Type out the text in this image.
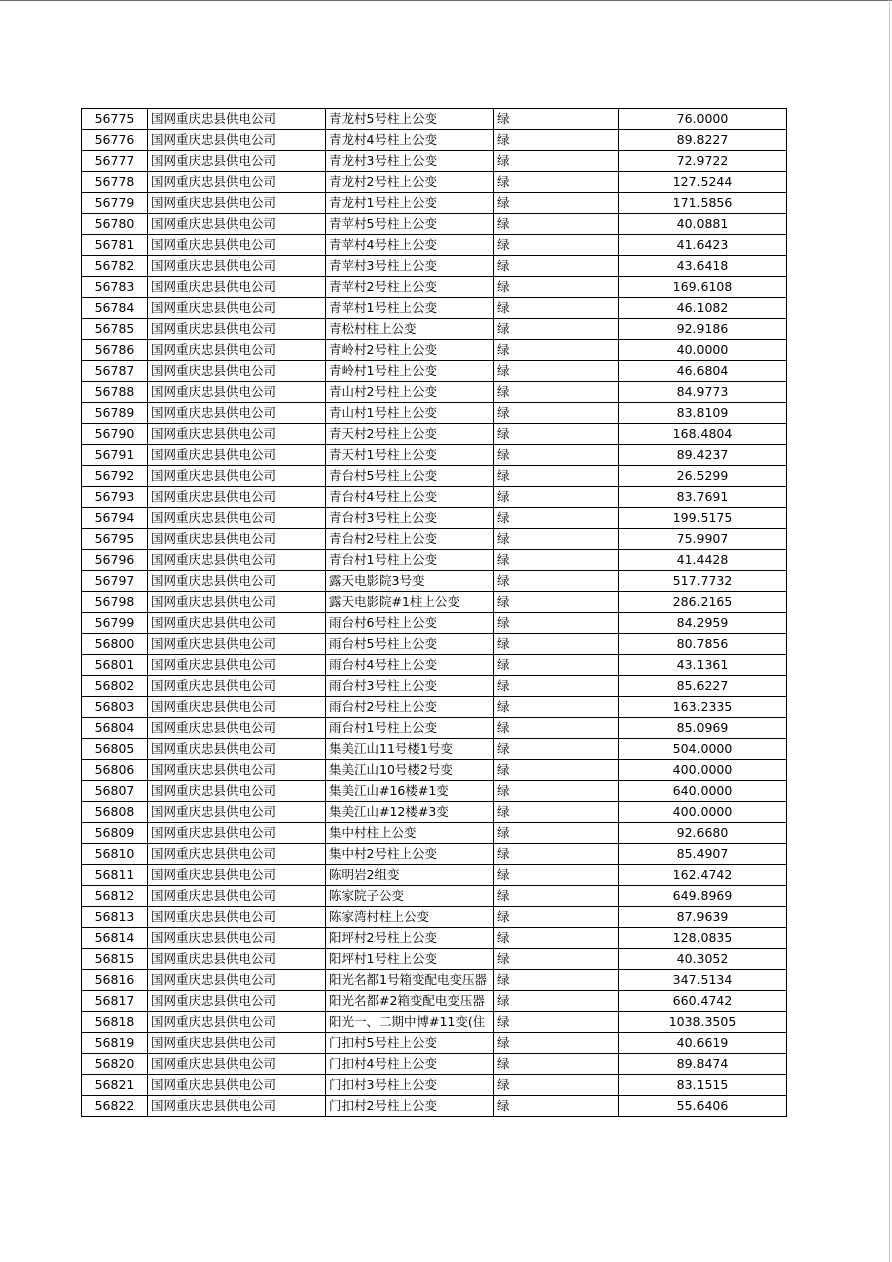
56775	国网重庆忠县供电公司	青龙村5号柱上公变	绿	76.0000
56776	国网重庆忠县供电公司	青龙村4号柱上公变	绿	89.8227
56777	国网重庆忠县供电公司	青龙村3号柱上公变	绿	72.9722
56778	国网重庆忠县供电公司	青龙村2号柱上公变	绿	127.5244
56779	国网重庆忠县供电公司	青龙村1号柱上公变	绿	171.5856
56780	国网重庆忠县供电公司	青苹村5号柱上公变	绿	40.0881
56781	国网重庆忠县供电公司	青苹村4号柱上公变	绿	41.6423
56782	国网重庆忠县供电公司	青苹村3号柱上公变	绿	43.6418
56783	国网重庆忠县供电公司	青苹村2号柱上公变	绿	169.6108
56784	国网重庆忠县供电公司	青苹村1号柱上公变	绿	46.1082
56785	国网重庆忠县供电公司	青松村柱上公变	绿	92.9186
56786	国网重庆忠县供电公司	青岭村2号柱上公变	绿	40.0000
56787	国网重庆忠县供电公司	青岭村1号柱上公变	绿	46.6804
56788	国网重庆忠县供电公司	青山村2号柱上公变	绿	84.9773
56789	国网重庆忠县供电公司	青山村1号柱上公变	绿	83.8109
56790	国网重庆忠县供电公司	青天村2号柱上公变	绿	168.4804
56791	国网重庆忠县供电公司	青天村1号柱上公变	绿	89.4237
56792	国网重庆忠县供电公司	青台村5号柱上公变	绿	26.5299
56793	国网重庆忠县供电公司	青台村4号柱上公变	绿	83.7691
56794	国网重庆忠县供电公司	青台村3号柱上公变	绿	199.5175
56795	国网重庆忠县供电公司	青台村2号柱上公变	绿	75.9907
56796	国网重庆忠县供电公司	青台村1号柱上公变	绿	41.4428
56797	国网重庆忠县供电公司	露天电影院3号变	绿	517.7732
56798	国网重庆忠县供电公司	露天电影院#1柱上公变	绿	286.2165
56799	国网重庆忠县供电公司	雨台村6号柱上公变	绿	84.2959
56800	国网重庆忠县供电公司	雨台村5号柱上公变	绿	80.7856
56801	国网重庆忠县供电公司	雨台村4号柱上公变	绿	43.1361
56802	国网重庆忠县供电公司	雨台村3号柱上公变	绿	85.6227
56803	国网重庆忠县供电公司	雨台村2号柱上公变	绿	163.2335
56804	国网重庆忠县供电公司	雨台村1号柱上公变	绿	85.0969
56805	国网重庆忠县供电公司	集美江山11号楼1号变	绿	504.0000
56806	国网重庆忠县供电公司	集美江山10号楼2号变	绿	400.0000
56807	国网重庆忠县供电公司	集美江山#16楼#1变	绿	640.0000
56808	国网重庆忠县供电公司	集美江山#12楼#3变	绿	400.0000
56809	国网重庆忠县供电公司	集中村柱上公变	绿	92.6680
56810	国网重庆忠县供电公司	集中村2号柱上公变	绿	85.4907
56811	国网重庆忠县供电公司	陈明岩2组变	绿	162.4742
56812	国网重庆忠县供电公司	陈家院子公变	绿	649.8969
56813	国网重庆忠县供电公司	陈家湾村柱上公变	绿	87.9639
56814	国网重庆忠县供电公司	阳坪村2号柱上公变	绿	128.0835
56815	国网重庆忠县供电公司	阳坪村1号柱上公变	绿	40.3052
56816	国网重庆忠县供电公司	阳光名都1号箱变配电变压器	绿	347.5134
56817	国网重庆忠县供电公司	阳光名都#2箱变配电变压器	绿	660.4742
56818	国网重庆忠县供电公司	阳光一、二期中博#11变(住	绿	1038.3505
56819	国网重庆忠县供电公司	门扣村5号柱上公变	绿	40.6619
56820	国网重庆忠县供电公司	门扣村4号柱上公变	绿	89.8474
56821	国网重庆忠县供电公司	门扣村3号柱上公变	绿	83.1515
56822	国网重庆忠县供电公司	门扣村2号柱上公变	绿	55.6406
